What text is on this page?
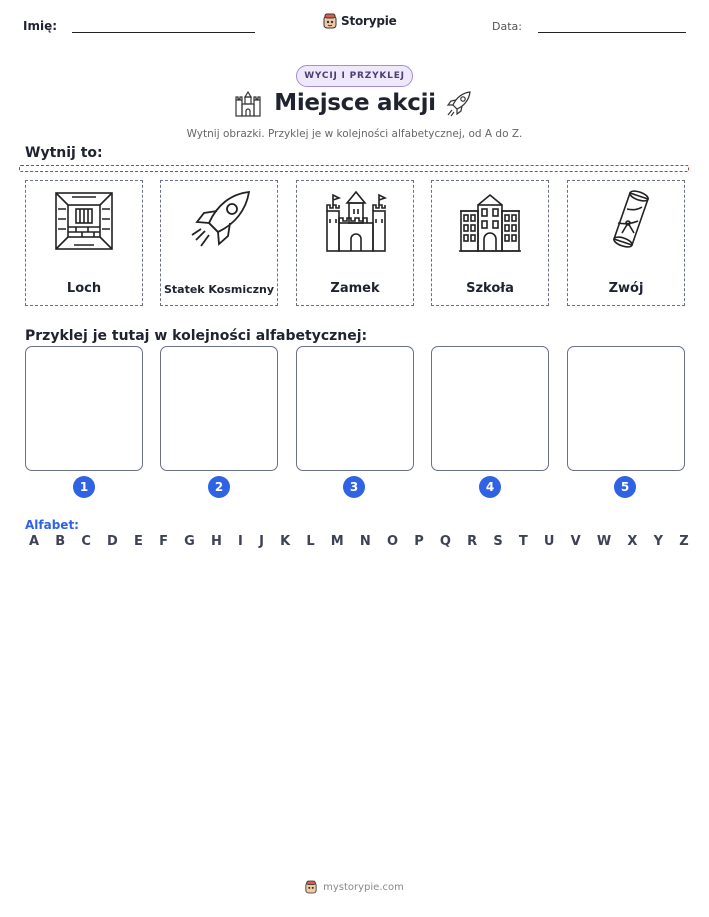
Imię:	Storypie	Data:
WYCIJ I PRZYKLEJ
Miejsce akcji
Wytnij obrazki. Przyklej je w kolejności alfabetycznej, od A do Z.
Wytnij to:
Loch	Statek Kosmiczny	Zamek	Szkoła	Zwój
Przyklej je tutaj w kolejności alfabetycznej:
1	2	3	4	5
Alfabet:
A B C D E F G H I J K L M N O P Q R S T U V W X Y Z
mystorypie.com
